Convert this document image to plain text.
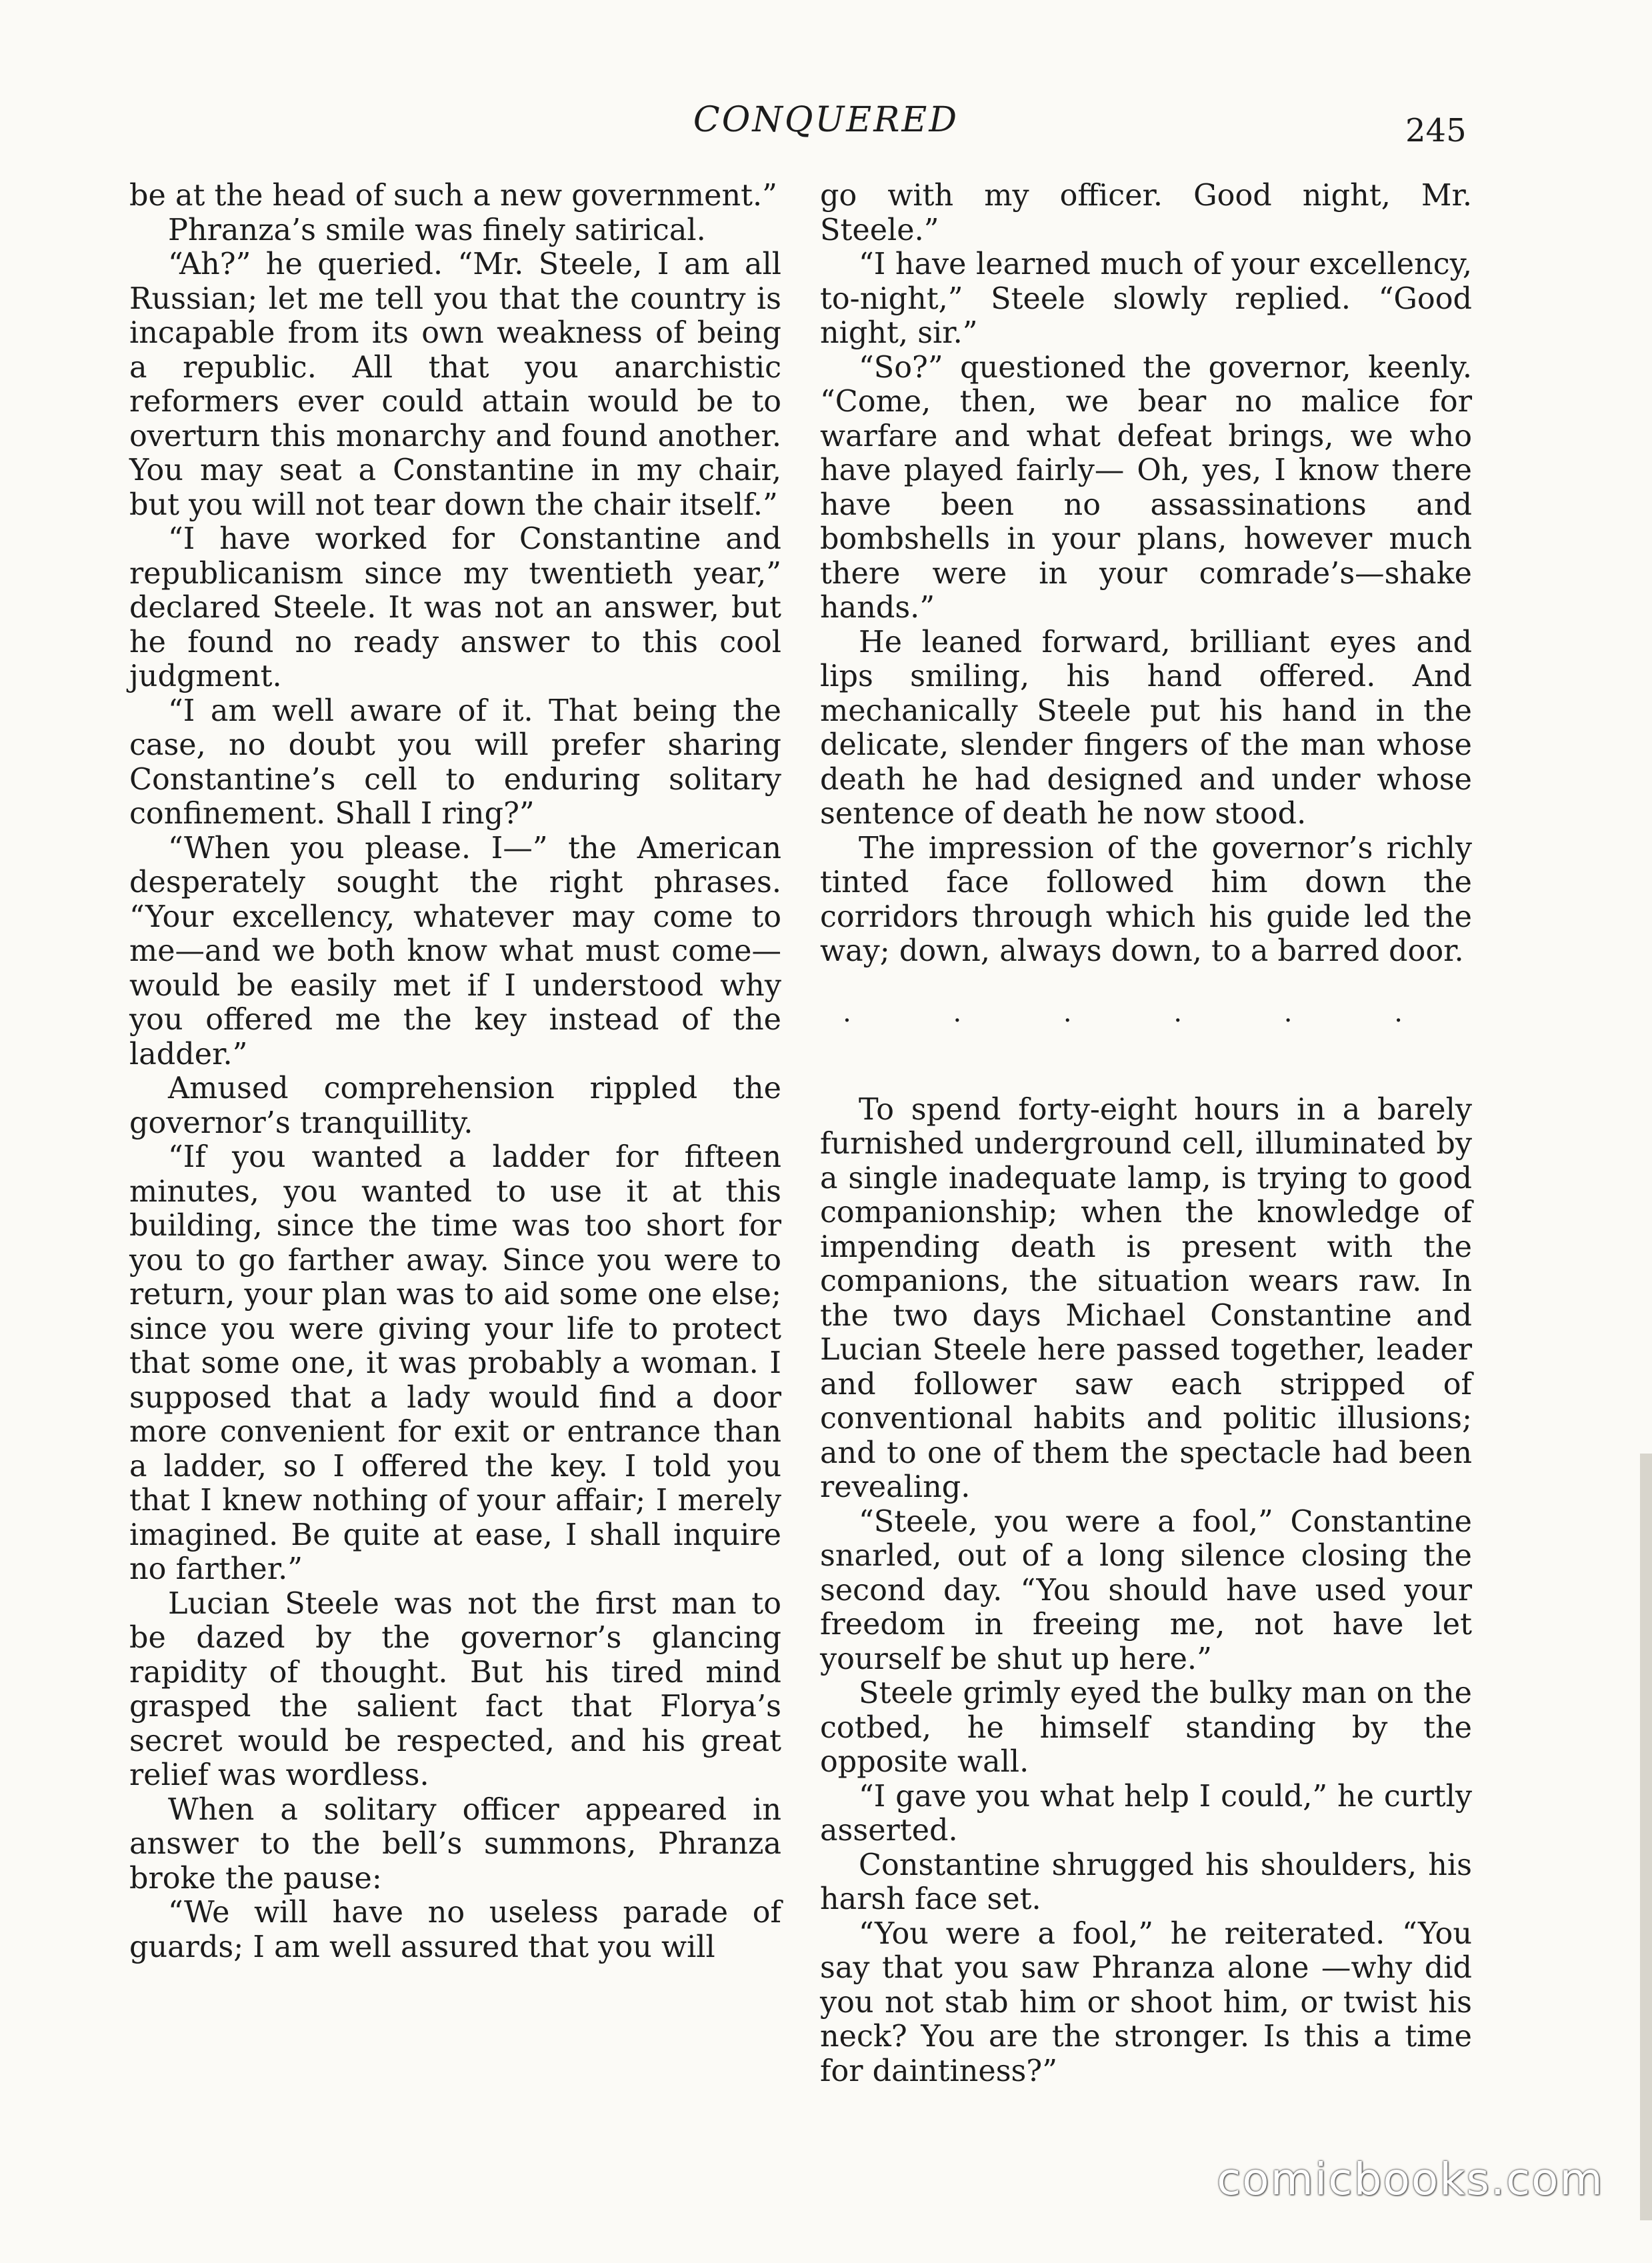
CONQUERED	245

be at the head of such a new government.”

Phranza’s smile was finely satirical.

“Ah?” he queried. “Mr. Steele, I am all Russian; let me tell you that the country is incapable from its own weakness of being a republic. All that you anarchistic reformers ever could attain would be to overturn this monarchy and found another. You may seat a Constantine in my chair, but you will not tear down the chair itself.”

“I have worked for Constantine and republicanism since my twentieth year,” declared Steele. It was not an answer, but he found no ready answer to this cool judgment.

“I am well aware of it. That being the case, no doubt you will prefer sharing Constantine’s cell to enduring solitary confinement. Shall I ring?”

“When you please. I—” the American desperately sought the right phrases. “Your excellency, whatever may come to me—and we both know what must come—would be easily met if I understood why you offered me the key instead of the ladder.”

Amused comprehension rippled the governor’s tranquillity.

“If you wanted a ladder for fifteen minutes, you wanted to use it at this building, since the time was too short for you to go farther away. Since you were to return, your plan was to aid some one else; since you were giving your life to protect that some one, it was probably a woman. I supposed that a lady would find a door more convenient for exit or entrance than a ladder, so I offered the key. I told you that I knew nothing of your affair; I merely imagined. Be quite at ease, I shall inquire no farther.”

Lucian Steele was not the first man to be dazed by the governor’s glancing rapidity of thought. But his tired mind grasped the salient fact that Florya’s secret would be respected, and his great relief was wordless.

When a solitary officer appeared in answer to the bell’s summons, Phranza broke the pause:

“We will have no useless parade of guards; I am well assured that you will

go with my officer. Good night, Mr. Steele.”

“I have learned much of your excellency, to-night,” Steele slowly replied. “Good night, sir.”

“So?” questioned the governor, keenly. “Come, then, we bear no malice for warfare and what defeat brings, we who have played fairly— Oh, yes, I know there have been no assassinations and bombshells in your plans, however much there were in your comrade’s—shake hands.”

He leaned forward, brilliant eyes and lips smiling, his hand offered. And mechanically Steele put his hand in the delicate, slender fingers of the man whose death he had designed and under whose sentence of death he now stood.

The impression of the governor’s richly tinted face followed him down the corridors through which his guide led the way; down, always down, to a barred door.

. . . . . .

To spend forty-eight hours in a barely furnished underground cell, illuminated by a single inadequate lamp, is trying to good companionship; when the knowledge of impending death is present with the companions, the situation wears raw. In the two days Michael Constantine and Lucian Steele here passed together, leader and follower saw each stripped of conventional habits and politic illusions; and to one of them the spectacle had been revealing.

“Steele, you were a fool,” Constantine snarled, out of a long silence closing the second day. “You should have used your freedom in freeing me, not have let yourself be shut up here.”

Steele grimly eyed the bulky man on the cotbed, he himself standing by the opposite wall.

“I gave you what help I could,” he curtly asserted.

Constantine shrugged his shoulders, his harsh face set.

“You were a fool,” he reiterated. “You say that you saw Phranza alone —why did you not stab him or shoot him, or twist his neck? You are the stronger. Is this a time for daintiness?”

comicbooks.com
